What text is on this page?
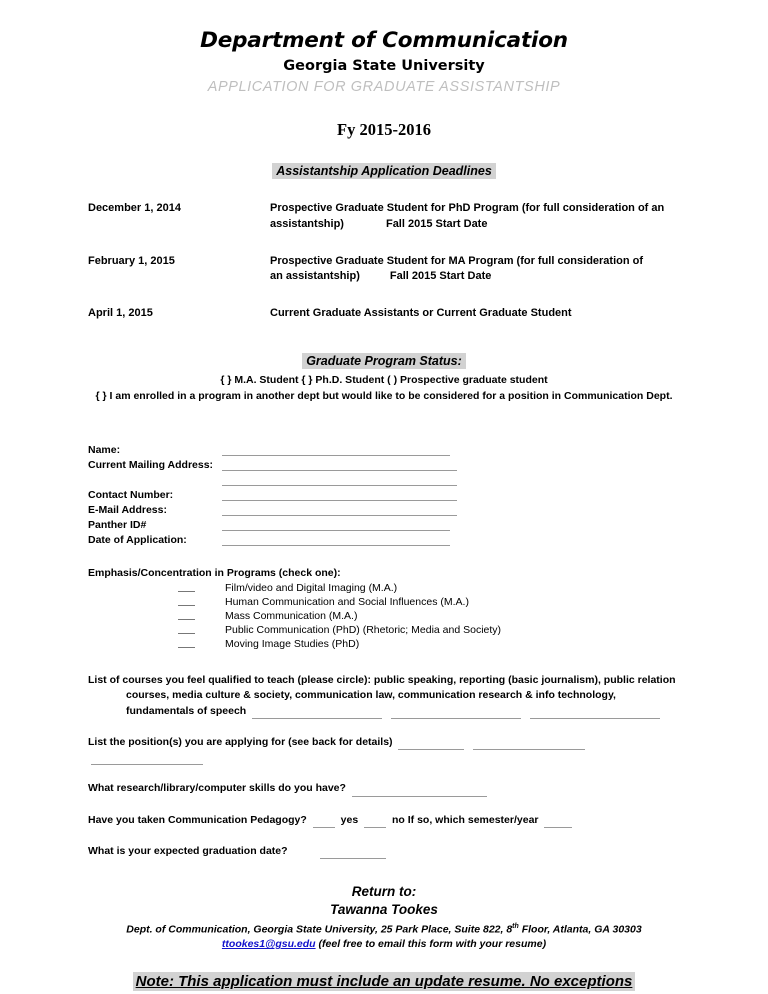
Department of Communication
Georgia State University
APPLICATION FOR GRADUATE ASSISTANTSHIP
Fy 2015-2016
Assistantship Application Deadlines

December 1, 2014	Prospective Graduate Student for PhD Program (for full consideration of an
assistantship) Fall 2015 Start Date

February 1, 2015	Prospective Graduate Student for MA Program (for full consideration of
an assistantship) Fall 2015 Start Date

April 1, 2015	Current Graduate Assistants or Current Graduate Student
Graduate Program Status:
{ } M.A. Student { } Ph.D. Student ( ) Prospective graduate student
{ } I am enrolled in a program in another dept but would like to be considered for a position in Communication Dept.
Name:	

Current Mailing Address:	

Contact Number:	

E-Mail Address:	

Panther ID#	

Date of Application:	
Emphasis/Concentration in Programs (check one):
Film/video and Digital Imaging (M.A.)
Human Communication and Social Influences (M.A.)
Mass Communication (M.A.)
Public Communication (PhD) (Rhetoric; Media and Society)
Moving Image Studies (PhD)
List of courses you feel qualified to teach (please circle): public speaking, reporting (basic journalism), public relation
courses, media culture & society, communication law, communication research & info technology,
fundamentals of speech
List the position(s) you are applying for (see back for details)
What research/library/computer skills do you have?
Have you taken Communication Pedagogy?	yes	no If so, which semester/year
What is your expected graduation date?
Return to:
Tawanna Tookes
Dept. of Communication, Georgia State University, 25 Park Place, Suite 822, 8th Floor, Atlanta, GA 30303
ttookes1@gsu.edu (feel free to email this form with your resume)
Note: This application must include an update resume. No exceptions
